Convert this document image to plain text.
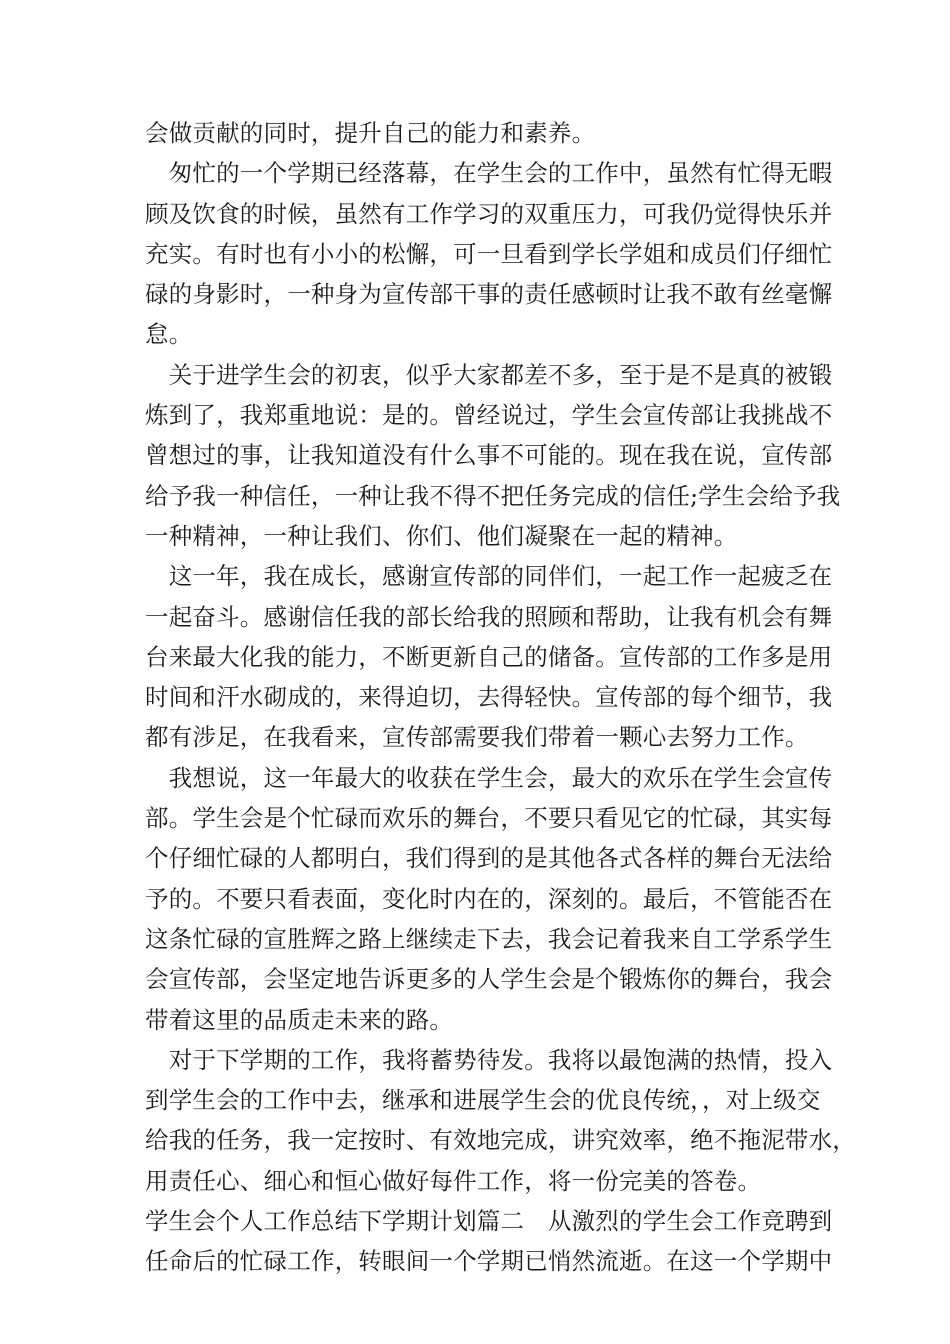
会做贡献的同时，提升自己的能力和素养。
　匆忙的一个学期已经落幕，在学生会的工作中，虽然有忙得无暇
顾及饮食的时候，虽然有工作学习的双重压力，可我仍觉得快乐并
充实。有时也有小小的松懈，可一旦看到学长学姐和成员们仔细忙
碌的身影时，一种身为宣传部干事的责任感顿时让我不敢有丝毫懈
怠。
　关于进学生会的初衷，似乎大家都差不多，至于是不是真的被锻
炼到了，我郑重地说：是的。曾经说过，学生会宣传部让我挑战不
曾想过的事，让我知道没有什么事不可能的。现在我在说，宣传部
给予我一种信任，一种让我不得不把任务完成的信任;学生会给予我
一种精神，一种让我们、你们、他们凝聚在一起的精神。
　这一年，我在成长，感谢宣传部的同伴们，一起工作一起疲乏在
一起奋斗。感谢信任我的部长给我的照顾和帮助，让我有机会有舞
台来最大化我的能力，不断更新自己的储备。宣传部的工作多是用
时间和汗水砌成的，来得迫切，去得轻快。宣传部的每个细节，我
都有涉足，在我看来，宣传部需要我们带着一颗心去努力工作。
　我想说，这一年最大的收获在学生会，最大的欢乐在学生会宣传
部。学生会是个忙碌而欢乐的舞台，不要只看见它的忙碌，其实每
个仔细忙碌的人都明白，我们得到的是其他各式各样的舞台无法给
予的。不要只看表面，变化时内在的，深刻的。最后，不管能否在
这条忙碌的宣胜辉之路上继续走下去，我会记着我来自工学系学生
会宣传部，会坚定地告诉更多的人学生会是个锻炼你的舞台，我会
带着这里的品质走未来的路。
　对于下学期的工作，我将蓄势待发。我将以最饱满的热情，投入
到学生会的工作中去，继承和进展学生会的优良传统，，对上级交
给我的任务，我一定按时、有效地完成，讲究效率，绝不拖泥带水，
用责任心、细心和恒心做好每件工作，将一份完美的答卷。
学生会个人工作总结下学期计划篇二　从激烈的学生会工作竞聘到
任命后的忙碌工作，转眼间一个学期已悄然流逝。在这一个学期中
